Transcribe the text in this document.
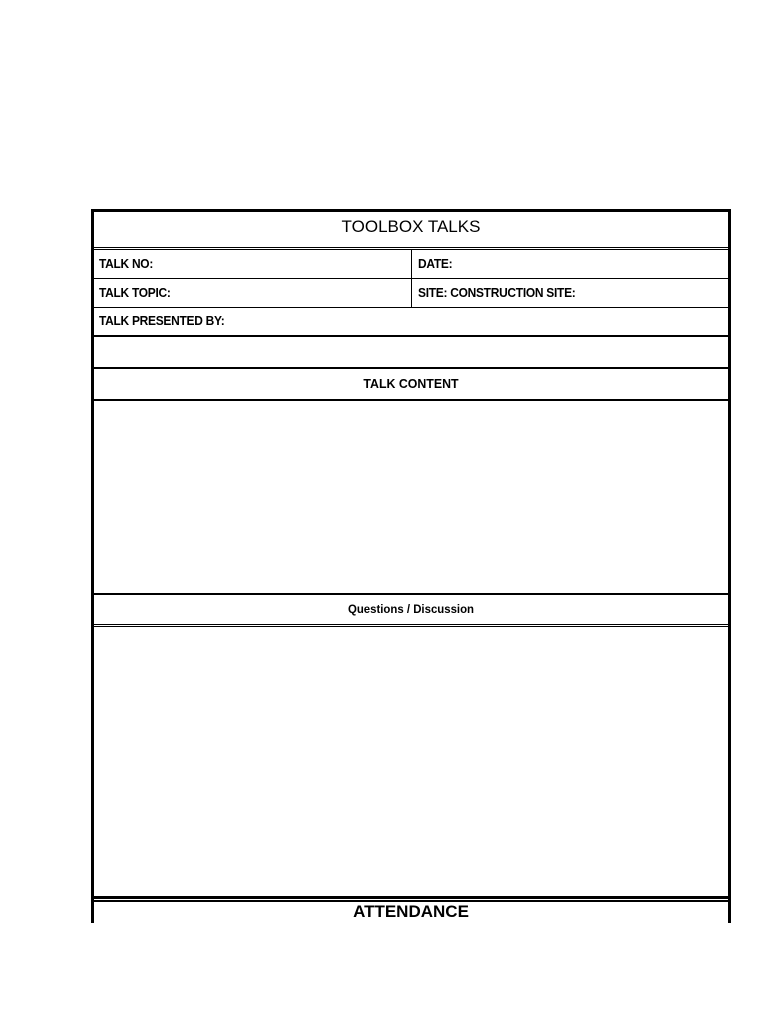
TOOLBOX TALKS
TALK NO:	DATE:
TALK TOPIC:	SITE: CONSTRUCTION SITE:
TALK PRESENTED BY:
TALK CONTENT
Questions / Discussion
ATTENDANCE
